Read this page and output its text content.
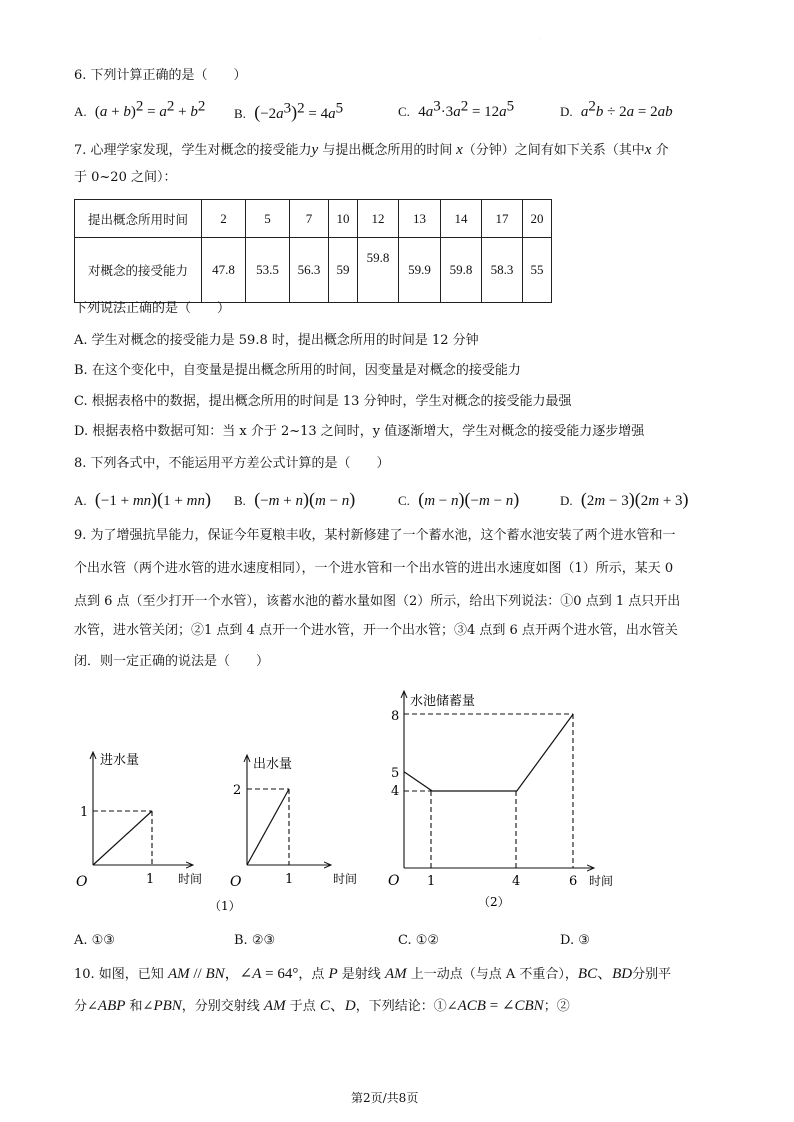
·
6. 下列计算正确的是（　　）
A. $(a + b)^2 = a^2 + b^2$ B. $(-2a^3)^2 = 4a^5$	C. $4a^3\cdot 3a^2 = 12a^5$	D. $a^2b \div 2a = 2ab$
7. 心理学家发现，学生对概念的接受能力y 与提出概念所用的时间 x（分钟）之间有如下关系（其中x 介
于 0~20 之间）：
提出概念所用时间	2	5	7	10	12	13	14	17	20
对概念的接受能力	47.8	53.5	56.3	59	59.8	59.9	59.8	58.3	55
下列说法正确的是（　　）
A. 学生对概念的接受能力是 59.8 时，提出概念所用的时间是 12 分钟
B. 在这个变化中，自变量是提出概念所用的时间，因变量是对概念的接受能力
C. 根据表格中的数据，提出概念所用的时间是 13 分钟时，学生对概念的接受能力最强
D. 根据表格中数据可知：当 x 介于 2~13 之间时，y 值逐渐增大，学生对概念的接受能力逐步增强
8. 下列各式中，不能运用平方差公式计算的是（　　）
A. (−1 + mn)(1 + mn) B. (−m + n)(m − n)	C. (m − n)(−m − n)	D. (2m − 3)(2m + 3)
9. 为了增强抗旱能力，保证今年夏粮丰收，某村新修建了一个蓄水池，这个蓄水池安装了两个进水管和一
个出水管（两个进水管的进水速度相同），一个进水管和一个出水管的进出水速度如图（1）所示，某天 0
点到 6 点（至少打开一个水管），该蓄水池的蓄水量如图（2）所示，给出下列说法：①0 点到 1 点只开出
水管，进水管关闭；②1 点到 4 点开一个进水管，开一个出水管；③4 点到 6 点开两个进水管，出水管关
闭．则一定正确的说法是（　　）
进水量
O	1
1
时间
出水量
O	1
2
时间
水池储蓄量
O
8
5
4
1	4	6 时间
（1）	（2）
A. ①③	B. ②③	C. ①②	D. ③
10. 如图，已知 AM // BN，∠A = 64°，点 P 是射线 AM 上一动点（与点 A 不重合），BC、BD分别平
分∠ABP 和∠PBN，分别交射线 AM 于点 C、D，下列结论：①∠ACB = ∠CBN；②
第2页/共8页
